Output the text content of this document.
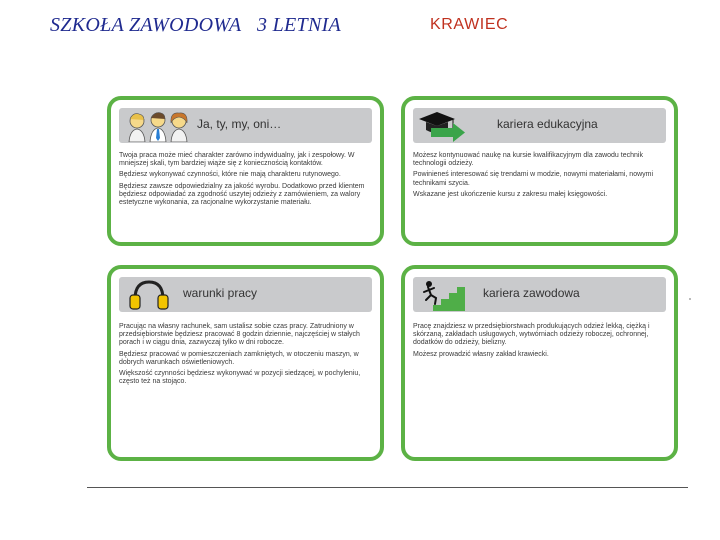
SZKOŁA ZAWODOWA   3 LETNIA	KRAWIEC
Ja, ty, my, oni…

Twoja praca może mieć charakter zarówno indywidualny, jak i zespołowy. W mniejszej skali, tym bardziej wiąże się z koniecznością kontaktów.

Będziesz wykonywać czynności, które nie mają charakteru rutynowego.

Będziesz zawsze odpowiedzialny za jakość wyrobu. Dodatkowo przed klientem będziesz odpowiadać za zgodność uszytej odzieży z zamówieniem, za walory estetyczne wykonania, za racjonalne wykorzystanie materiału.

kariera edukacyjna

Możesz kontynuować naukę na kursie kwalifikacyjnym dla zawodu technik technologii odzieży.

Powinieneś interesować się trendami w modzie, nowymi materiałami, nowymi technikami szycia.

Wskazane jest ukończenie kursu z zakresu małej księgowości.

warunki pracy

Pracując na własny rachunek, sam ustalisz sobie czas pracy. Zatrudniony w przedsiębiorstwie będziesz pracować 8 godzin dziennie, najczęściej w stałych porach i w ciągu dnia, zazwyczaj tylko w dni robocze.

Będziesz pracować w pomieszczeniach zamkniętych, w otoczeniu maszyn, w dobrych warunkach oświetleniowych.

Większość czynności będziesz wykonywać w pozycji siedzącej, w pochyleniu, często też na stojąco.

kariera zawodowa

Pracę znajdziesz w przedsiębiorstwach produkujących odzież lekką, ciężką i skórzaną, zakładach usługowych, wytwórniach odzieży roboczej, ochronnej, dodatków do odzieży, bielizny.

Możesz prowadzić własny zakład krawiecki.
